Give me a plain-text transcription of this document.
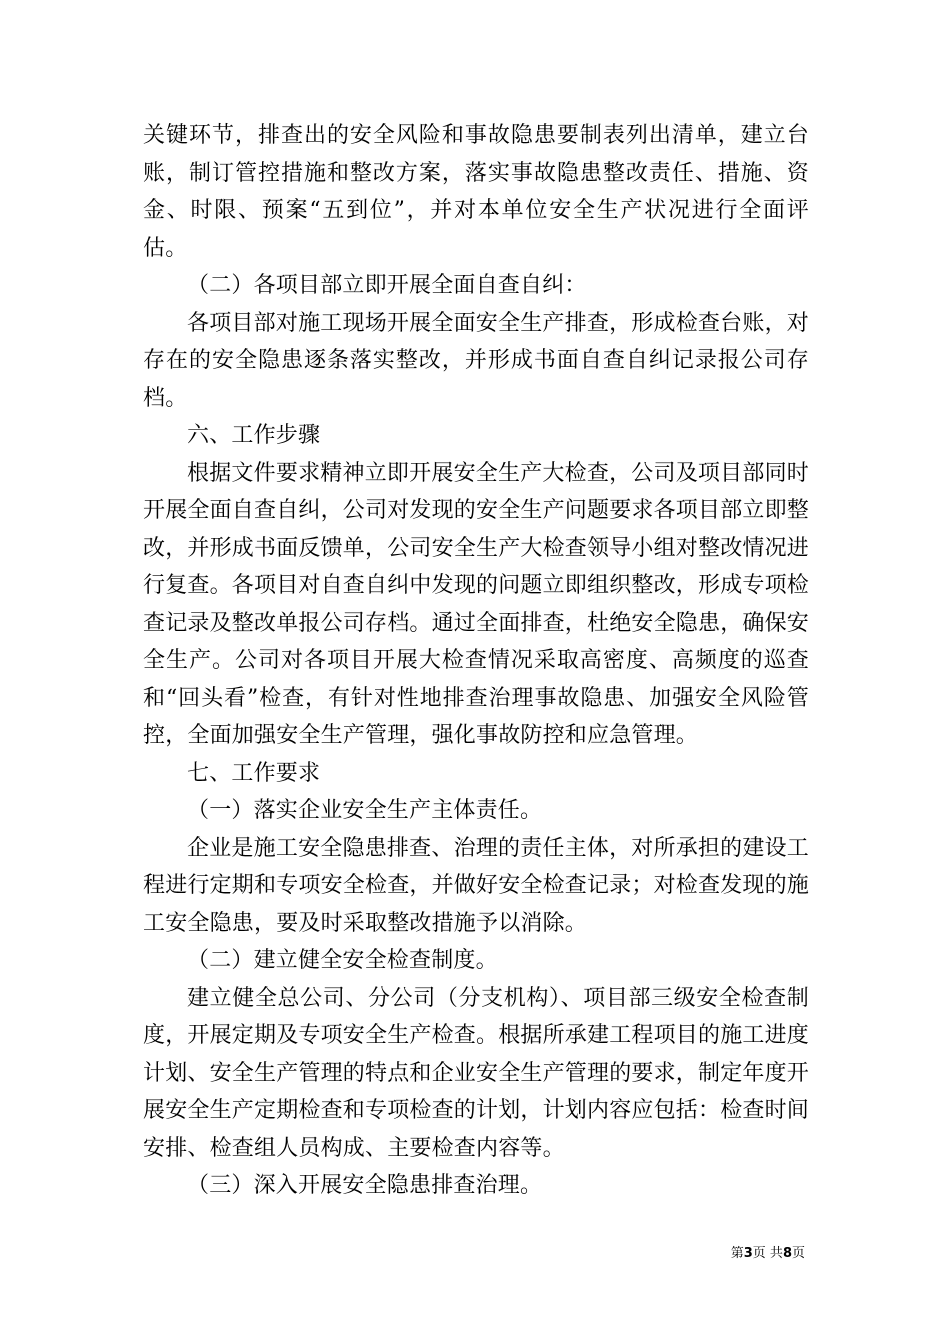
关键环节，排查出的安全风险和事故隐患要制表列出清单，建立台账，制订管控措施和整改方案，落实事故隐患整改责任、措施、资金、时限、预案“五到位”，并对本单位安全生产状况进行全面评估。

（二）各项目部立即开展全面自查自纠：

各项目部对施工现场开展全面安全生产排查，形成检查台账，对存在的安全隐患逐条落实整改，并形成书面自查自纠记录报公司存档。

六、工作步骤

根据文件要求精神立即开展安全生产大检查，公司及项目部同时开展全面自查自纠，公司对发现的安全生产问题要求各项目部立即整改，并形成书面反馈单，公司安全生产大检查领导小组对整改情况进行复查。各项目对自查自纠中发现的问题立即组织整改，形成专项检查记录及整改单报公司存档。通过全面排查，杜绝安全隐患，确保安全生产。公司对各项目开展大检查情况采取高密度、高频度的巡查和“回头看”检查，有针对性地排查治理事故隐患、加强安全风险管控，全面加强安全生产管理，强化事故防控和应急管理。

七、工作要求

（一）落实企业安全生产主体责任。

企业是施工安全隐患排查、治理的责任主体，对所承担的建设工程进行定期和专项安全检查，并做好安全检查记录；对检查发现的施工安全隐患，要及时采取整改措施予以消除。

（二）建立健全安全检查制度。

建立健全总公司、分公司（分支机构）、项目部三级安全检查制度，开展定期及专项安全生产检查。根据所承建工程项目的施工进度计划、安全生产管理的特点和企业安全生产管理的要求，制定年度开展安全生产定期检查和专项检查的计划，计划内容应包括：检查时间安排、检查组人员构成、主要检查内容等。

（三）深入开展安全隐患排查治理。

第3页 共8页
